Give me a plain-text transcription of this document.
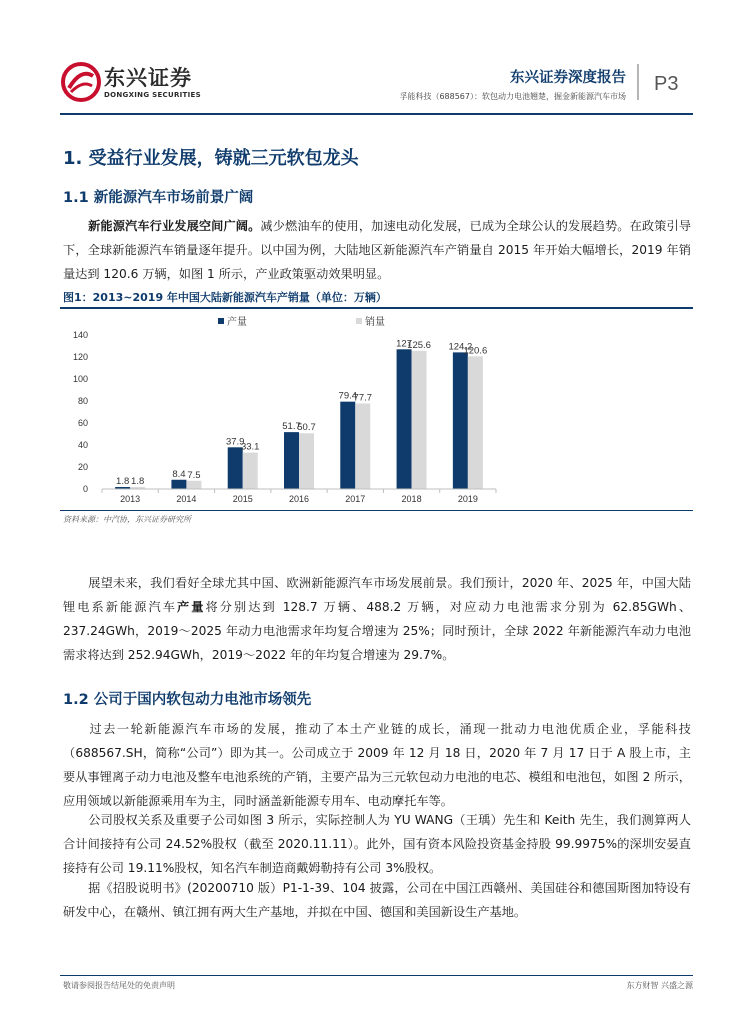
东兴证券
DONGXING SECURITIES
东兴证券深度报告
孚能科技（688567）：软包动力电池翘楚，掘金新能源汽车市场
P3
1. 受益行业发展，铸就三元软包龙头
1.1 新能源汽车市场前景广阔
新能源汽车行业发展空间广阔。减少燃油车的使用，加速电动化发展，已成为全球公认的发展趋势。在政策引导下，全球新能源汽车销量逐年提升。以中国为例，大陆地区新能源汽车产销量自 2015 年开始大幅增长，2019 年销量达到 120.6 万辆，如图 1 所示，产业政策驱动效果明显。
图1：2013~2019 年中国大陆新能源汽车产销量（单位：万辆）
产量	销量
0
20
40
60
80
100
120
140
1.8 1.8
8.4 7.5
37.9
33.1
51.7
50.7
79.4
77.7
127
125.6 124.2
120.6
2013	2014	2015	2016	2017	2018	2019
资料来源：中汽协，东兴证券研究所
展望未来，我们看好全球尤其中国、欧洲新能源汽车市场发展前景。我们预计，2020 年、2025 年，中国大陆锂电系新能源汽车产量将分别达到 128.7 万辆、488.2 万辆，对应动力电池需求分别为 62.85GWh、237.24GWh，2019～2025 年动力电池需求年均复合增速为 25%；同时预计，全球 2022 年新能源汽车动力电池需求将达到 252.94GWh，2019～2022 年的年均复合增速为 29.7%。
1.2 公司于国内软包动力电池市场领先
过去一轮新能源汽车市场的发展，推动了本土产业链的成长，涌现一批动力电池优质企业，孚能科技（688567.SH，简称“公司”）即为其一。公司成立于 2009 年 12 月 18 日，2020 年 7 月 17 日于 A 股上市，主要从事锂离子动力电池及整车电池系统的产销，主要产品为三元软包动力电池的电芯、模组和电池包，如图 2 所示，应用领域以新能源乘用车为主，同时涵盖新能源专用车、电动摩托车等。
公司股权关系及重要子公司如图 3 所示，实际控制人为 YU WANG（王瑀）先生和 Keith 先生，我们测算两人合计间接持有公司 24.52%股权（截至 2020.11.11）。此外，国有资本风险投资基金持股 99.9975%的深圳安晏直接持有公司 19.11%股权，知名汽车制造商戴姆勒持有公司 3%股权。
据《招股说明书》(20200710 版）P1-1-39、104 披露，公司在中国江西赣州、美国硅谷和德国斯图加特设有研发中心，在赣州、镇江拥有两大生产基地，并拟在中国、德国和美国新设生产基地。
敬请参阅报告结尾处的免责声明	东方财智 兴盛之源
